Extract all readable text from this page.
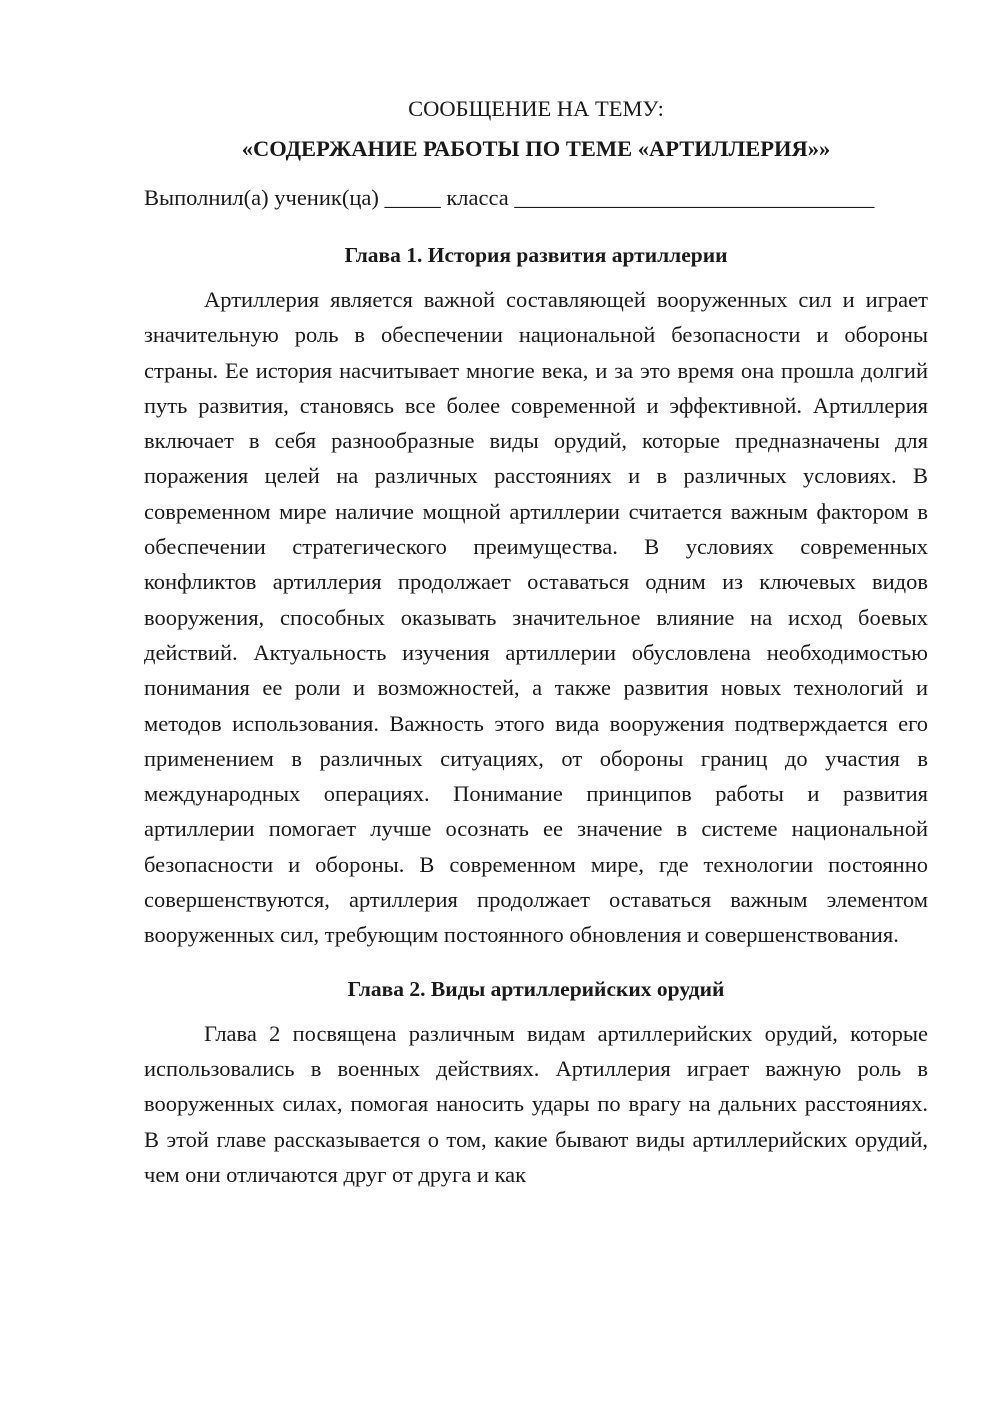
СООБЩЕНИЕ НА ТЕМУ:

«СОДЕРЖАНИЕ РАБОТЫ ПО ТЕМЕ «АРТИЛЛЕРИЯ»»

Выполнил(а) ученик(ца) _____ класса ________________________________
Глава 1. История развития артиллерии

Артиллерия является важной составляющей вооруженных сил и играет значительную роль в обеспечении национальной безопасности и обороны страны. Ее история насчитывает многие века, и за это время она прошла долгий путь развития, становясь все более современной и эффективной. Артиллерия включает в себя разнообразные виды орудий, которые предназначены для поражения целей на различных расстояниях и в различных условиях. В современном мире наличие мощной артиллерии считается важным фактором в обеспечении стратегического преимущества. В условиях современных конфликтов артиллерия продолжает оставаться одним из ключевых видов вооружения, способных оказывать значительное влияние на исход боевых действий. Актуальность изучения артиллерии обусловлена необходимостью понимания ее роли и возможностей, а также развития новых технологий и методов использования. Важность этого вида вооружения подтверждается его применением в различных ситуациях, от обороны границ до участия в международных операциях. Понимание принципов работы и развития артиллерии помогает лучше осознать ее значение в системе национальной безопасности и обороны. В современном мире, где технологии постоянно совершенствуются, артиллерия продолжает оставаться важным элементом вооруженных сил, требующим постоянного обновления и совершенствования.

Глава 2. Виды артиллерийских орудий

Глава 2 посвящена различным видам артиллерийских орудий, которые использовались в военных действиях. Артиллерия играет важную роль в вооруженных силах, помогая наносить удары по врагу на дальних расстояниях. В этой главе рассказывается о том, какие бывают виды артиллерийских орудий, чем они отличаются друг от друга и как
